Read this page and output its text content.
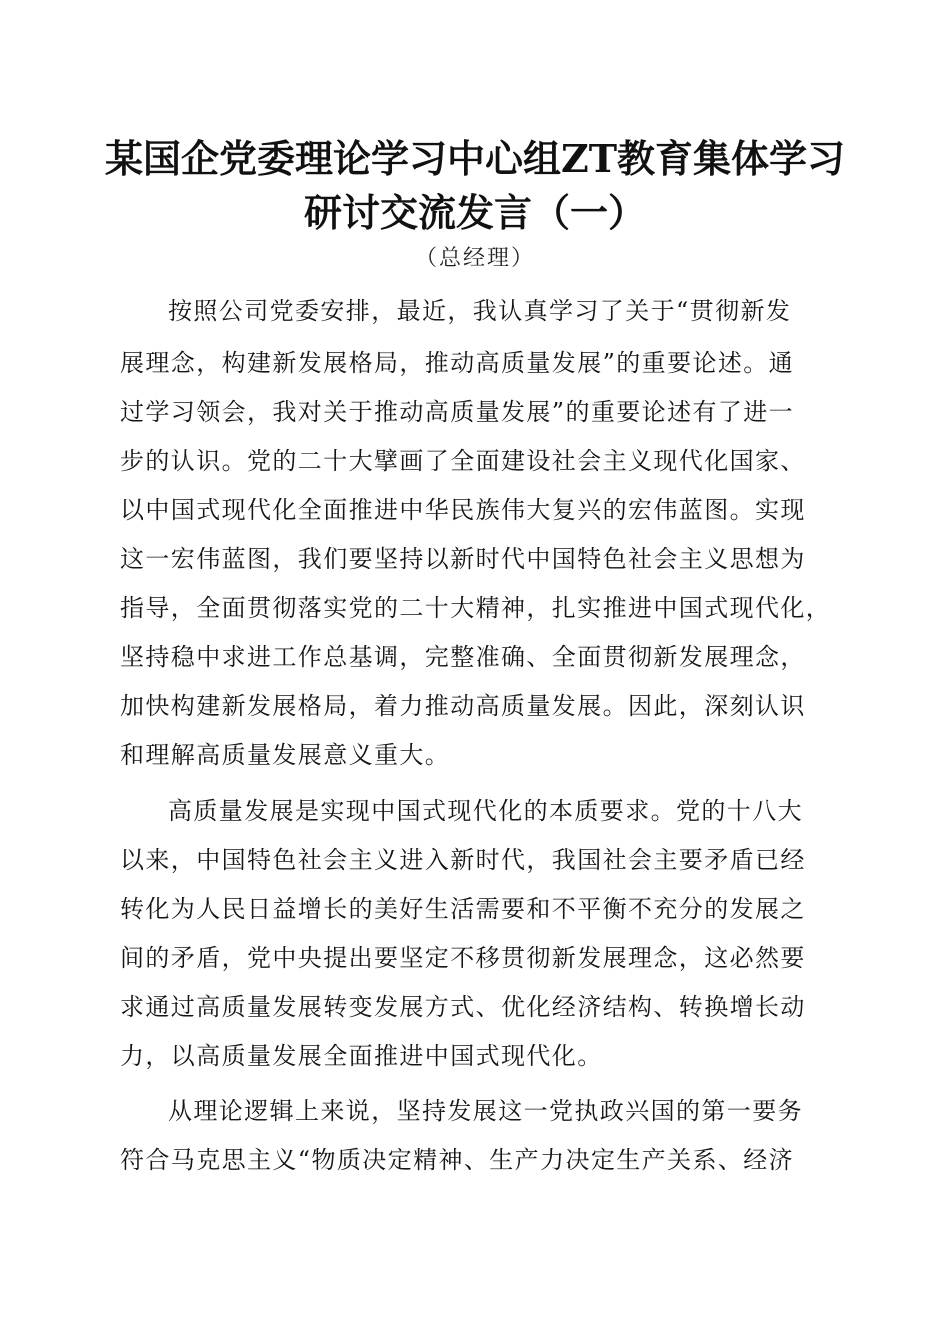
某国企党委理论学习中心组ZT教育集体学习
研讨交流发言（一）
（总经理）
按照公司党委安排，最近，我认真学习了关于“贯彻新发
展理念，构建新发展格局，推动高质量发展”的重要论述。通
过学习领会，我对关于推动高质量发展”的重要论述有了进一
步的认识。党的二十大擘画了全面建设社会主义现代化国家、
以中国式现代化全面推进中华民族伟大复兴的宏伟蓝图。实现
这一宏伟蓝图，我们要坚持以新时代中国特色社会主义思想为
指导，全面贯彻落实党的二十大精神，扎实推进中国式现代化，
坚持稳中求进工作总基调，完整准确、全面贯彻新发展理念，
加快构建新发展格局，着力推动高质量发展。因此，深刻认识
和理解高质量发展意义重大。
高质量发展是实现中国式现代化的本质要求。党的十八大
以来，中国特色社会主义进入新时代，我国社会主要矛盾已经
转化为人民日益增长的美好生活需要和不平衡不充分的发展之
间的矛盾，党中央提出要坚定不移贯彻新发展理念，这必然要
求通过高质量发展转变发展方式、优化经济结构、转换增长动
力，以高质量发展全面推进中国式现代化。
从理论逻辑上来说，坚持发展这一党执政兴国的第一要务
符合马克思主义“物质决定精神、生产力决定生产关系、经济
